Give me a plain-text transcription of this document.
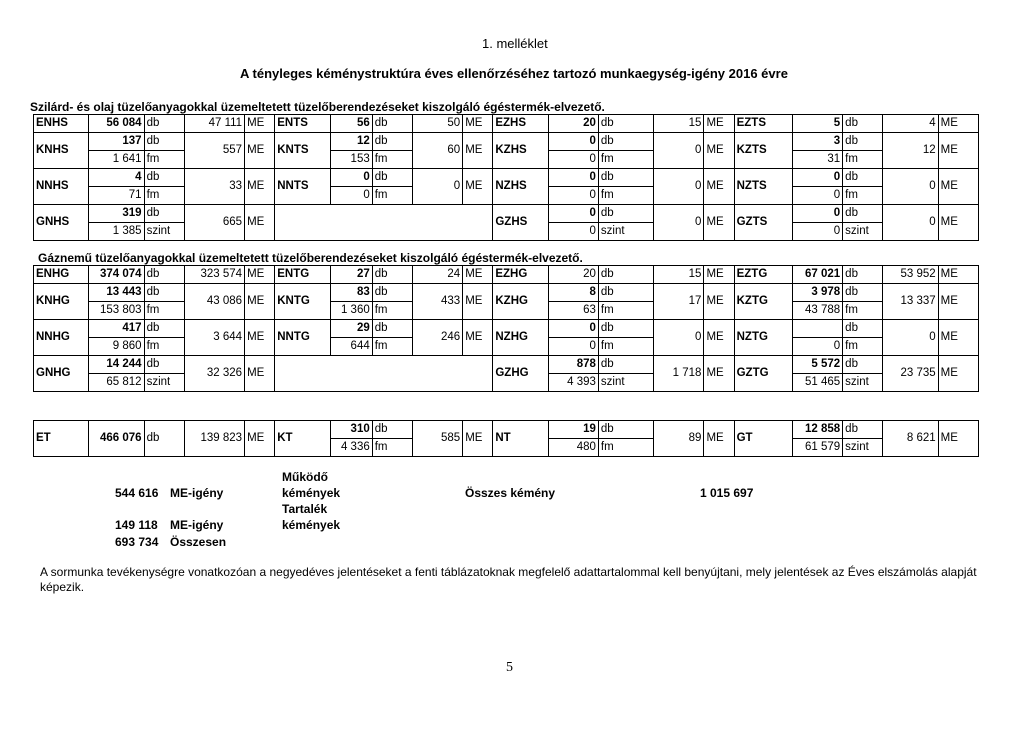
1. melléklet
A tényleges kéménystruktúra éves ellenőrzéséhez tartozó munkaegység-igény 2016 évre
Szilárd- és olaj tüzelőanyagokkal üzemeltetett tüzelőberendezéseket kiszolgáló égéstermék-elvezető.
ENHS	56 084	db	47 111	ME	ENTS	56	db	50	ME	EZHS	20	db	15	ME	EZTS	5	db	4	ME
KNHS	137	db	557	ME	KNTS	12	db	60	ME	KZHS	0	db	0	ME	KZTS	3	db	12	ME
	1 641	fm				153	fm				0	fm				31	fm		
NNHS	4	db	33	ME	NNTS	0	db	0	ME	NZHS	0	db	0	ME	NZTS	0	db	0	ME
	71	fm				0	fm				0	fm				0	fm		
GNHS	319	db	665	ME						GZHS	0	db	0	ME	GZTS	0	db	0	ME
	1 385	szint									0	szint				0	szint		
Gáznemű tüzelőanyagokkal üzemeltetett tüzelőberendezéseket kiszolgáló égéstermék-elvezető.
ENHG	374 074	db	323 574	ME	ENTG	27	db	24	ME	EZHG	20	db	15	ME	EZTG	67 021	db	53 952	ME
KNHG	13 443	db	43 086	ME	KNTG	83	db	433	ME	KZHG	8	db	17	ME	KZTG	3 978	db	13 337	ME
	153 803	fm				1 360	fm				63	fm				43 788	fm		
NNHG	417	db	3 644	ME	NNTG	29	db	246	ME	NZHG	0	db	0	ME	NZTG		db	0	ME
	9 860	fm				644	fm				0	fm				0	fm		
GNHG	14 244	db	32 326	ME						GZHG	878	db	1 718	ME	GZTG	5 572	db	23 735	ME
	65 812	szint									4 393	szint				51 465	szint		
ET	466 076	db	139 823	ME	KT	310	db	585	ME	NT	19	db	89	ME	GT	12 858	db	8 621	ME
						4 336	fm				480	fm				61 579	szint		
544 616 ME-igény
Működő
kémények
Tartalék
kémények
Összes kémény	1 015 697
149 118 ME-igény
693 734 Összesen
A sormunka tevékenységre vonatkozóan a negyedéves jelentéseket a fenti táblázatoknak megfelelő adattartalommal kell benyújtani, mely jelentések az Éves elszámolás alapját képezik.
5
